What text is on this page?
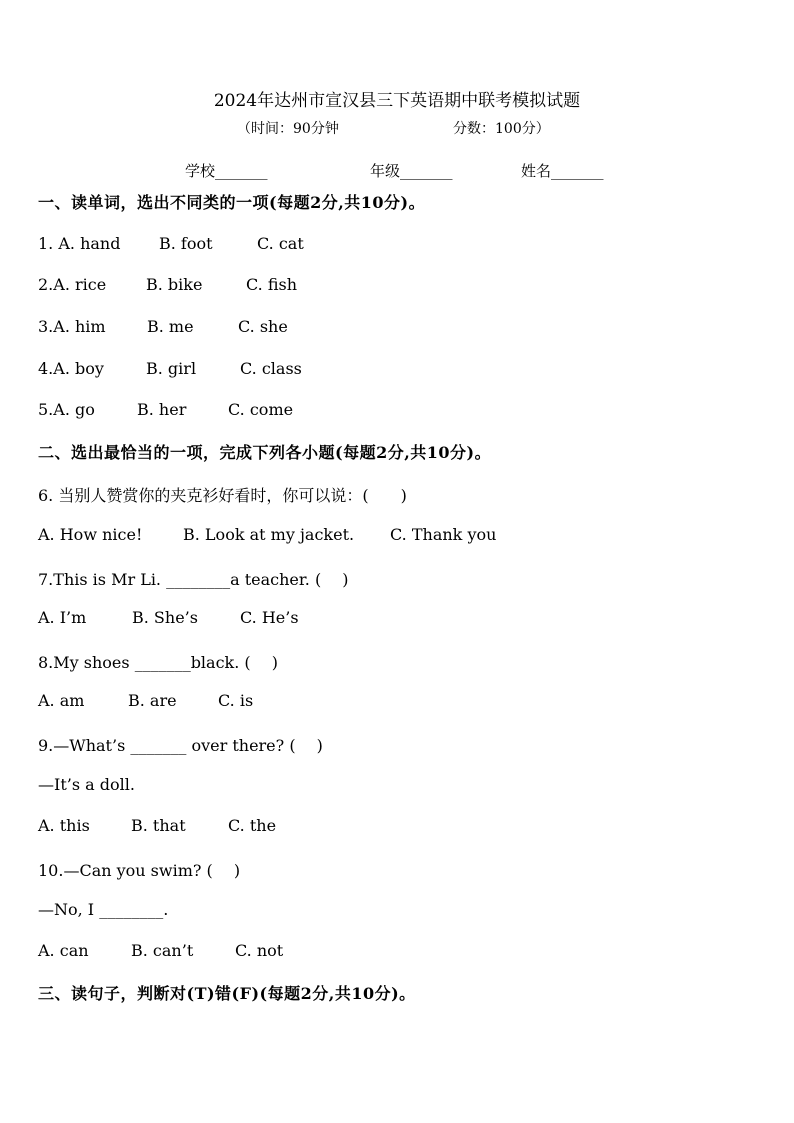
2024年达州市宣汉县三下英语期中联考模拟试题
（时间：90分钟	分数：100分）
学校_______	年级_______	姓名_______
一、读单词，选出不同类的一项(每题2分,共10分)。
1. A. hand B. foot	C. cat
2.A. rice B. bike	C. fish
3.A. him	B. me	C. she
4.A. boy	B. girl	C. class
5.A. go	B. her	C. come
二、选出最恰当的一项，完成下列各小题(每题2分,共10分)。
6. 当别人赞赏你的夹克衫好看时，你可以说：(　　)
A. How nice!	B. Look at my jacket. C. Thank you
7.This is Mr Li. ________a teacher. (　 )
A. I’m	B. She’s	C. He’s
8.My shoes _______black. (　 )
A. am	B. are	C. is
9.—What’s _______ over there? (　 )
—It’s a doll.
A. this	B. that	C. the
10.—Can you swim? (　 )
—No, I ________.
A. can	B. can’t	C. not
三、读句子，判断对(T)错(F)(每题2分,共10分)。
